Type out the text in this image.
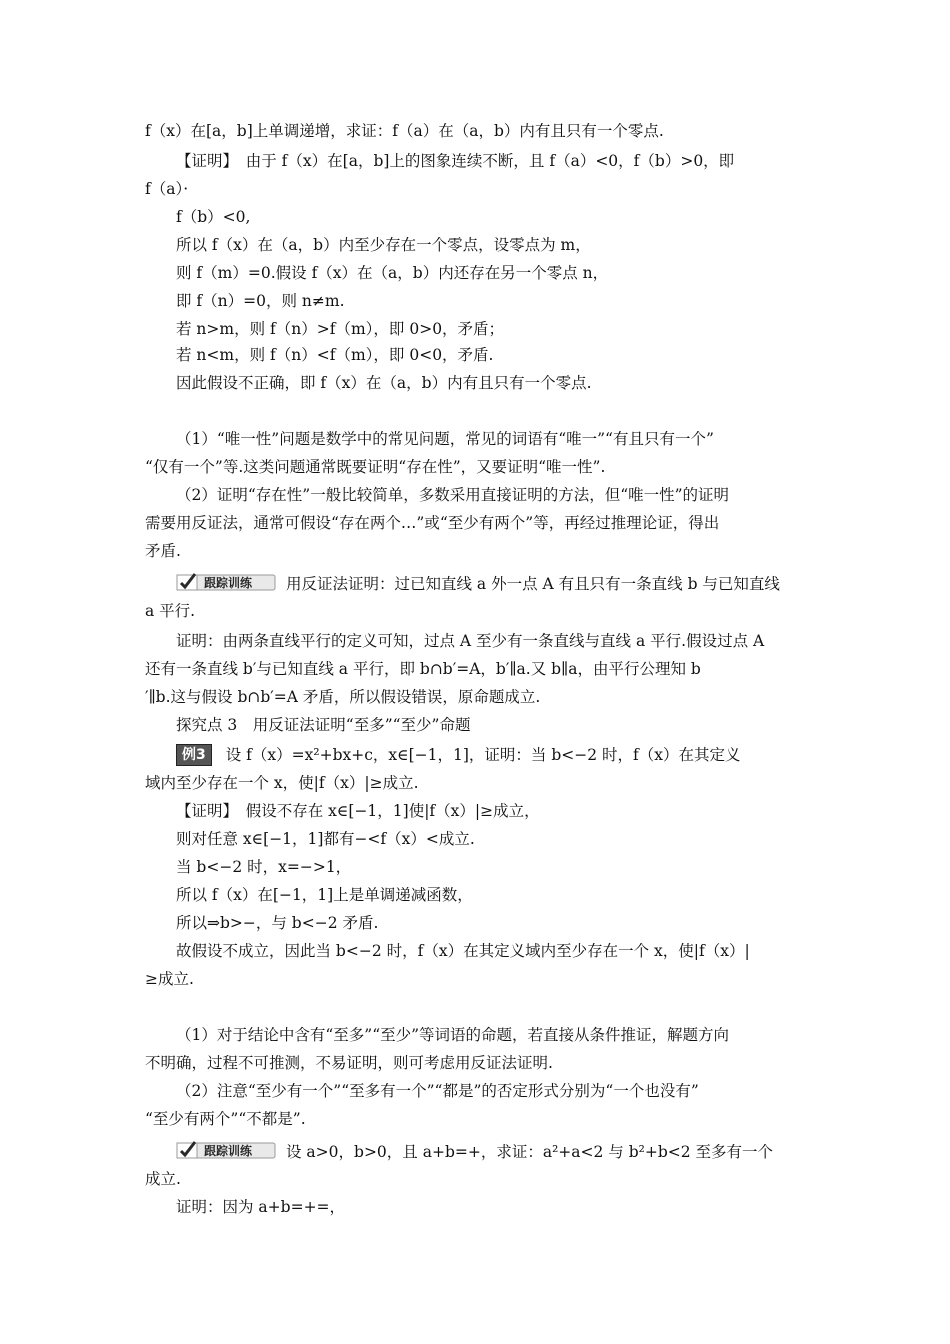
f（x）在[a，b]上单调递增，求证：f（a）在（a，b）内有且只有一个零点.
【证明】　由于 f（x）在[a，b]上的图象连续不断，且 f（a）<0，f（b）>0，即
f（a）·
f（b）<0,
所以 f（x）在（a，b）内至少存在一个零点，设零点为 m，
则 f（m）=0.假设 f（x）在（a，b）内还存在另一个零点 n，
即 f（n）=0，则 n≠m.
若 n>m，则 f（n）>f（m），即 0>0，矛盾；
若 n<m，则 f（n）<f（m），即 0<0，矛盾.
因此假设不正确，即 f（x）在（a，b）内有且只有一个零点.
（1）“唯一性”问题是数学中的常见问题，常见的词语有“唯一”“有且只有一个”
“仅有一个”等.这类问题通常既要证明“存在性”，又要证明“唯一性”.
（2）证明“存在性”一般比较简单，多数采用直接证明的方法，但“唯一性”的证明
需要用反证法，通常可假设“存在两个…”或“至少有两个”等，再经过推理论证，得出
矛盾.
跟踪训练 用反证法证明：过已知直线 a 外一点 A 有且只有一条直线 b 与已知直线
a 平行.
证明：由两条直线平行的定义可知，过点 A 至少有一条直线与直线 a 平行.假设过点 A
还有一条直线 b′与已知直线 a 平行，即 b∩b′=A，b′∥a.又 b∥a，由平行公理知 b
′∥b.这与假设 b∩b′=A 矛盾，所以假设错误，原命题成立.
探究点 3　用反证法证明“至多”“至少”命题
例3 设 f（x）=x²+bx+c，x∈[−1，1]，证明：当 b<−2 时，f（x）在其定义
域内至少存在一个 x，使|f（x）|≥成立.
【证明】　假设不存在 x∈[−1，1]使|f（x）|≥成立，
则对任意 x∈[−1，1]都有−<f（x）<成立.
当 b<−2 时，x=−>1，
所以 f（x）在[−1，1]上是单调递减函数，
所以⇒b>−，与 b<−2 矛盾.
故假设不成立，因此当 b<−2 时，f（x）在其定义域内至少存在一个 x，使|f（x）|
≥成立.
（1）对于结论中含有“至多”“至少”等词语的命题，若直接从条件推证，解题方向
不明确，过程不可推测，不易证明，则可考虑用反证法证明.
（2）注意“至少有一个”“至多有一个”“都是”的否定形式分别为“一个也没有”
“至少有两个”“不都是”.
跟踪训练 设 a>0，b>0，且 a+b=+，求证：a²+a<2 与 b²+b<2 至多有一个
成立.
证明：因为 a+b=+=，
